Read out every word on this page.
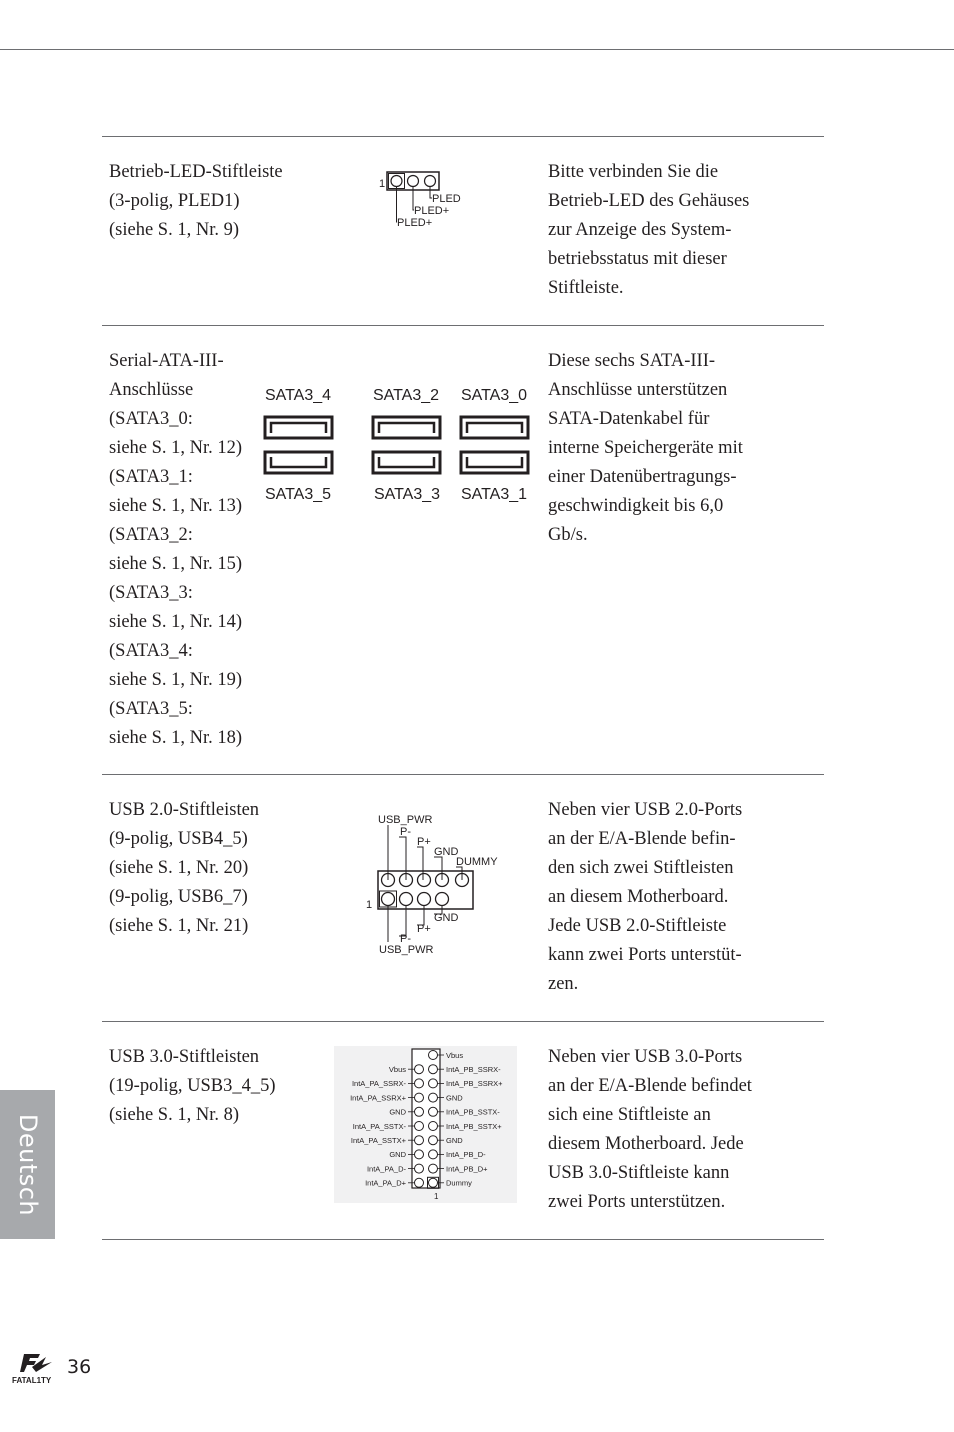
Betrieb-LED-Stiftleiste
(3-polig, PLED1)
(siehe S. 1, Nr. 9)
1
PLED
PLED+
PLED+
Bitte verbinden Sie die
Betrieb-LED des Gehäuses
zur Anzeige des System-
betriebsstatus mit dieser
Stiftleiste.
Serial-ATA-III-
Anschlüsse
(SATA3_0:
siehe S. 1, Nr. 12)
(SATA3_1:
siehe S. 1, Nr. 13)
(SATA3_2:
siehe S. 1, Nr. 15)
(SATA3_3:
siehe S. 1, Nr. 14)
(SATA3_4:
siehe S. 1, Nr. 19)
(SATA3_5:
siehe S. 1, Nr. 18)
SATA3_4	SATA3_2 SATA3_0
SATA3_5	SATA3_3 SATA3_1
Diese sechs SATA-III-
Anschlüsse unterstützen
SATA-Datenkabel für
interne Speichergeräte mit
einer Datenübertragungs-
geschwindigkeit bis 6,0
Gb/s.
USB 2.0-Stiftleisten
(9-polig, USB4_5)
(siehe S. 1, Nr. 20)
(9-polig, USB6_7)
(siehe S. 1, Nr. 21)
USB_PWR
P-
P+
GND
DUMMY
1
GND
P+
P-
USB_PWR
Neben vier USB 2.0-Ports
an der E/A-Blende befin-
den sich zwei Stiftleisten
an diesem Motherboard.
Jede USB 2.0-Stiftleiste
kann zwei Ports unterstüt-
zen.
USB 3.0-Stiftleisten
(19-polig, USB3_4_5)
(siehe S. 1, Nr. 8)
Vbus
IntA_PB_SSRX-
Vbus
IntA_PB_SSRX+
IntA_PA_SSRX-
GND
IntA_PA_SSRX+
IntA_PB_SSTX-
GND
IntA_PB_SSTX+
IntA_PA_SSTX-
GND
IntA_PA_SSTX+
IntA_PB_D-
GND
IntA_PB_D+
IntA_PA_D-
Dummy
IntA_PA_D+
1
Neben vier USB 3.0-Ports
an der E/A-Blende befindet
sich eine Stiftleiste an
diesem Motherboard. Jede
USB 3.0-Stiftleiste kann
zwei Ports unterstützen.
Deutsch
FATAL1TY
36
